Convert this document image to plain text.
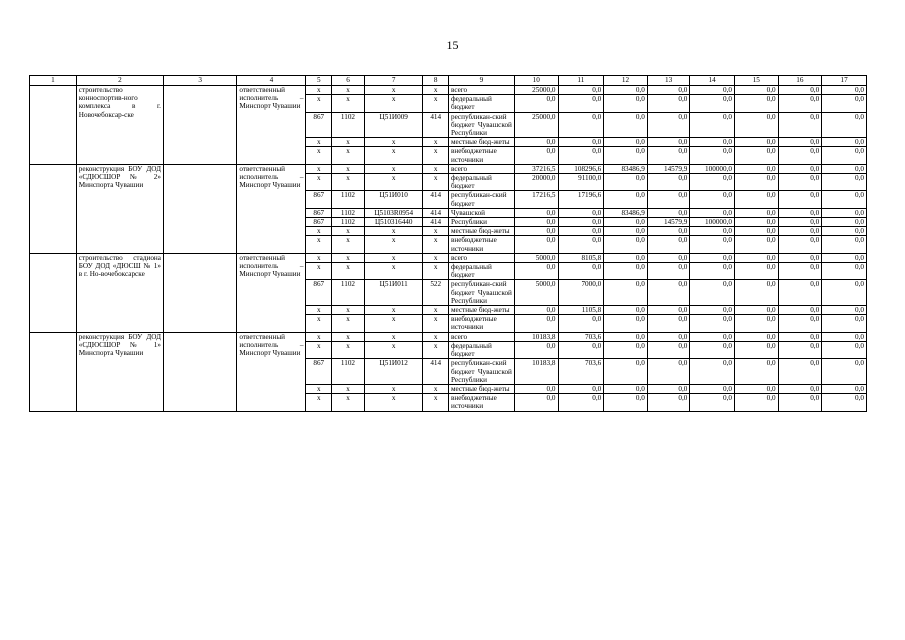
15
1	2	3	4	5	6	7	8	9	10	11	12	13	14	15	16	17
	строительство конноспортив-ного комплекса в г. Новочебоксар-ске		ответственный исполнитель – Минспорт Чувашии	х	х	х	х	всего	25000,0	0,0	0,0	0,0	0,0	0,0	0,0	0,0
				х	х	х	х	федеральный бюджет	0,0	0,0	0,0	0,0	0,0	0,0	0,0	0,0
				867	1102	Ц51И009	414	республикан-ский бюджет Чувашской Республики	25000,0	0,0	0,0	0,0	0,0	0,0	0,0	0,0
				х	х	х	х	местные бюд-жеты	0,0	0,0	0,0	0,0	0,0	0,0	0,0	0,0
				х	х	х	х	внебюджетные источники	0,0	0,0	0,0	0,0	0,0	0,0	0,0	0,0
	реконструкция БОУ ДОД «СДЮСШОР № 2» Минспорта Чувашии		ответственный исполнитель – Минспорт Чувашии	х	х	х	х	всего	37216,5	108296,6	83486,9	14579,9	100000,0	0,0	0,0	0,0
				х	х	х	х	федеральный бюджет	20000,0	91100,0	0,0	0,0	0,0	0,0	0,0	0,0
				867	1102	Ц51И010	414	республикан-ский бюджет	17216,5	17196,6	0,0	0,0	0,0	0,0	0,0	0,0
				867	1102	Ц5103R0954	414	Чувашской	0,0	0,0	83486,9	0,0	0,0	0,0	0,0	0,0
				867	1102	Ц510316440	414	Республики	0,0	0,0	0,0	14579,9	100000,0	0,0	0,0	0,0
				х	х	х	х	местные бюд-жеты	0,0	0,0	0,0	0,0	0,0	0,0	0,0	0,0
				х	х	х	х	внебюджетные источники	0,0	0,0	0,0	0,0	0,0	0,0	0,0	0,0
	строительство стадиона БОУ ДОД «ДЮСШ № 1» в г. Но-вочебоксарске		ответственный исполнитель – Минспорт Чувашии	х	х	х	х	всего	5000,0	8105,8	0,0	0,0	0,0	0,0	0,0	0,0
				х	х	х	х	федеральный бюджет	0,0	0,0	0,0	0,0	0,0	0,0	0,0	0,0
				867	1102	Ц51И011	522	республикан-ский бюджет Чувашской Республики	5000,0	7000,0	0,0	0,0	0,0	0,0	0,0	0,0
				х	х	х	х	местные бюд-жеты	0,0	1105,8	0,0	0,0	0,0	0,0	0,0	0,0
				х	х	х	х	внебюджетные источники	0,0	0,0	0,0	0,0	0,0	0,0	0,0	0,0
	реконструкция БОУ ДОД «СДЮСШОР № 1» Минспорта Чувашии		ответственный исполнитель – Минспорт Чувашии	х	х	х	х	всего	10183,8	703,6	0,0	0,0	0,0	0,0	0,0	0,0
				х	х	х	х	федеральный бюджет	0,0	0,0	0,0	0,0	0,0	0,0	0,0	0,0
				867	1102	Ц51И012	414	республикан-ский бюджет Чувашской Республики	10183,8	703,6	0,0	0,0	0,0	0,0	0,0	0,0
				х	х	х	х	местные бюд-жеты	0,0	0,0	0,0	0,0	0,0	0,0	0,0	0,0
				х	х	х	х	внебюджетные источники	0,0	0,0	0,0	0,0	0,0	0,0	0,0	0,0
